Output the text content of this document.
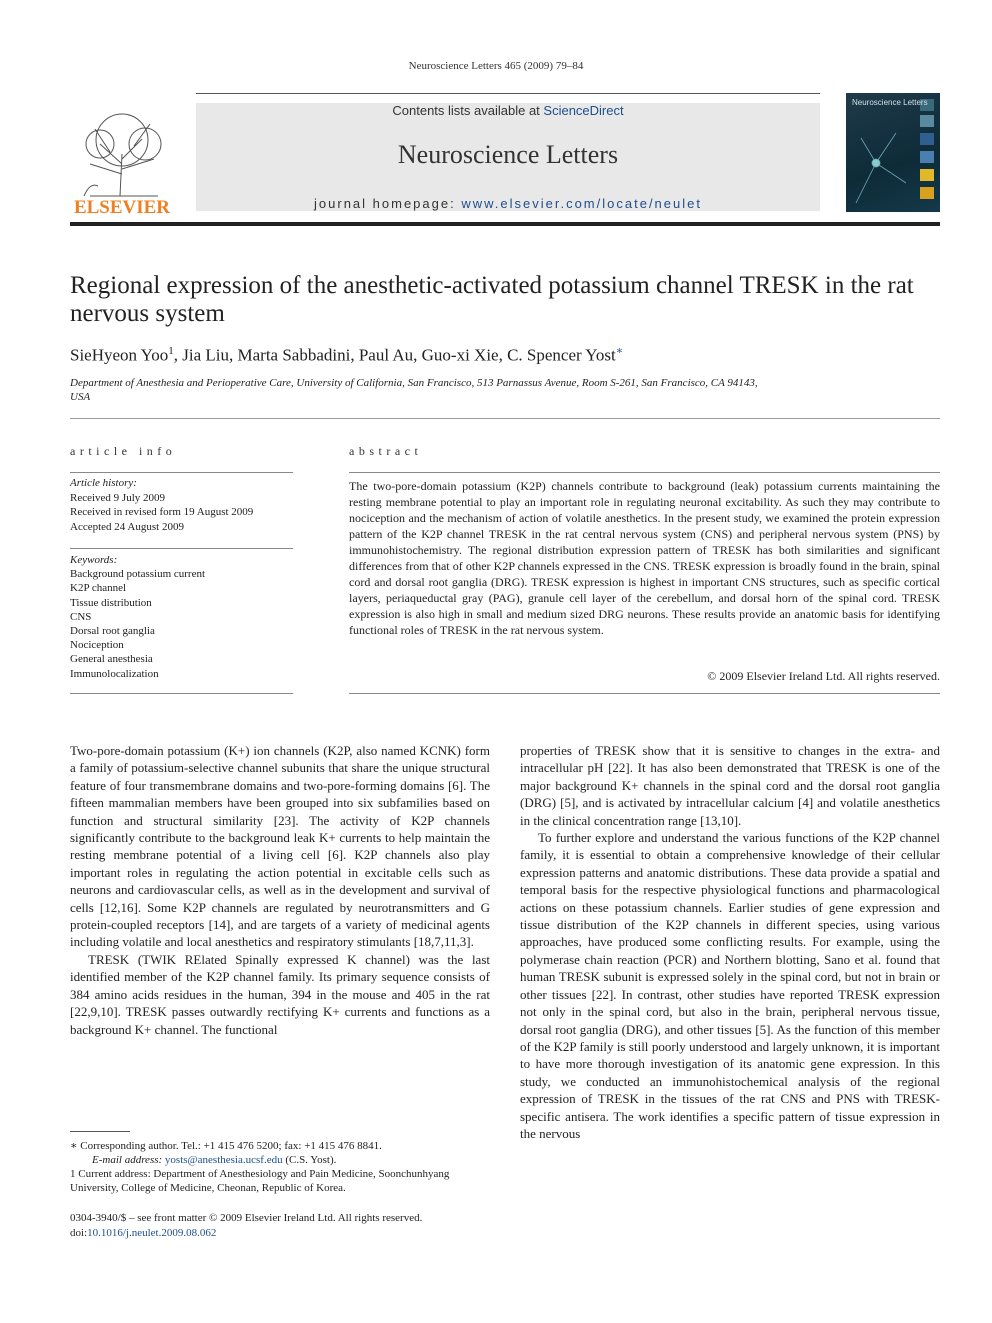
Neuroscience Letters 465 (2009) 79–84
ELSEVIER
Contents lists available at ScienceDirect
Neuroscience Letters
journal homepage: www.elsevier.com/locate/neulet
Neuroscience Letters
Regional expression of the anesthetic-activated potassium channel TRESK in the rat nervous system
SieHyeon Yoo$^1$, Jia Liu, Marta Sabbadini, Paul Au, Guo-xi Xie, C. Spencer Yost∗
Department of Anesthesia and Perioperative Care, University of California, San Francisco, 513 Parnassus Avenue, Room S-261, San Francisco, CA 94143, USA
article info	abstract
Article history:
Received 9 July 2009
Received in revised form 19 August 2009
Accepted 24 August 2009
Keywords:
Background potassium current
K2P channel
Tissue distribution
CNS
Dorsal root ganglia
Nociception
General anesthesia
Immunolocalization
The two-pore-domain potassium (K2P) channels contribute to background (leak) potassium currents maintaining the resting membrane potential to play an important role in regulating neuronal excitability. As such they may contribute to nociception and the mechanism of action of volatile anesthetics. In the present study, we examined the protein expression pattern of the K2P channel TRESK in the rat central nervous system (CNS) and peripheral nervous system (PNS) by immunohistochemistry. The regional distribution expression pattern of TRESK has both similarities and significant differences from that of other K2P channels expressed in the CNS. TRESK expression is broadly found in the brain, spinal cord and dorsal root ganglia (DRG). TRESK expression is highest in important CNS structures, such as specific cortical layers, periaqueductal gray (PAG), granule cell layer of the cerebellum, and dorsal horn of the spinal cord. TRESK expression is also high in small and medium sized DRG neurons. These results provide an anatomic basis for identifying functional roles of TRESK in the rat nervous system.
© 2009 Elsevier Ireland Ltd. All rights reserved.

Two-pore-domain potassium (K+) ion channels (K2P, also named KCNK) form a family of potassium-selective channel subunits that share the unique structural feature of four transmembrane domains and two-pore-forming domains [6]. The fifteen mammalian members have been grouped into six subfamilies based on function and structural similarity [23]. The activity of K2P channels significantly contribute to the background leak K+ currents to help maintain the resting membrane potential of a living cell [6]. K2P channels also play important roles in regulating the action potential in excitable cells such as neurons and cardiovascular cells, as well as in the development and survival of cells [12,16]. Some K2P channels are regulated by neurotransmitters and G protein-coupled receptors [14], and are targets of a variety of medicinal agents including volatile and local anesthetics and respiratory stimulants [18,7,11,3].

TRESK (TWIK RElated Spinally expressed K channel) was the last identified member of the K2P channel family. Its primary sequence consists of 384 amino acids residues in the human, 394 in the mouse and 405 in the rat [22,9,10]. TRESK passes outwardly rectifying K+ currents and functions as a background K+ channel. The functional

properties of TRESK show that it is sensitive to changes in the extra- and intracellular pH [22]. It has also been demonstrated that TRESK is one of the major background K+ channels in the spinal cord and the dorsal root ganglia (DRG) [5], and is activated by intracellular calcium [4] and volatile anesthetics in the clinical concentration range [13,10].

To further explore and understand the various functions of the K2P channel family, it is essential to obtain a comprehensive knowledge of their cellular expression patterns and anatomic distributions. These data provide a spatial and temporal basis for the respective physiological functions and pharmacological actions on these potassium channels. Earlier studies of gene expression and tissue distribution of the K2P channels in different species, using various approaches, have produced some conflicting results. For example, using the polymerase chain reaction (PCR) and Northern blotting, Sano et al. found that human TRESK subunit is expressed solely in the spinal cord, but not in brain or other tissues [22]. In contrast, other studies have reported TRESK expression not only in the spinal cord, but also in the brain, peripheral nervous tissue, dorsal root ganglia (DRG), and other tissues [5]. As the function of this member of the K2P family is still poorly understood and largely unknown, it is important to have more thorough investigation of its anatomic gene expression. In this study, we conducted an immunohistochemical analysis of the regional expression of TRESK in the tissues of the rat CNS and PNS with TRESK-specific antisera. The work identifies a specific pattern of tissue expression in the nervous

∗ Corresponding author. Tel.: +1 415 476 5200; fax: +1 415 476 8841.

E-mail address: yosts@anesthesia.ucsf.edu (C.S. Yost).

1 Current address: Department of Anesthesiology and Pain Medicine, Soonchunhyang University, College of Medicine, Cheonan, Republic of Korea.

0304-3940/$ – see front matter © 2009 Elsevier Ireland Ltd. All rights reserved.
doi:10.1016/j.neulet.2009.08.062
